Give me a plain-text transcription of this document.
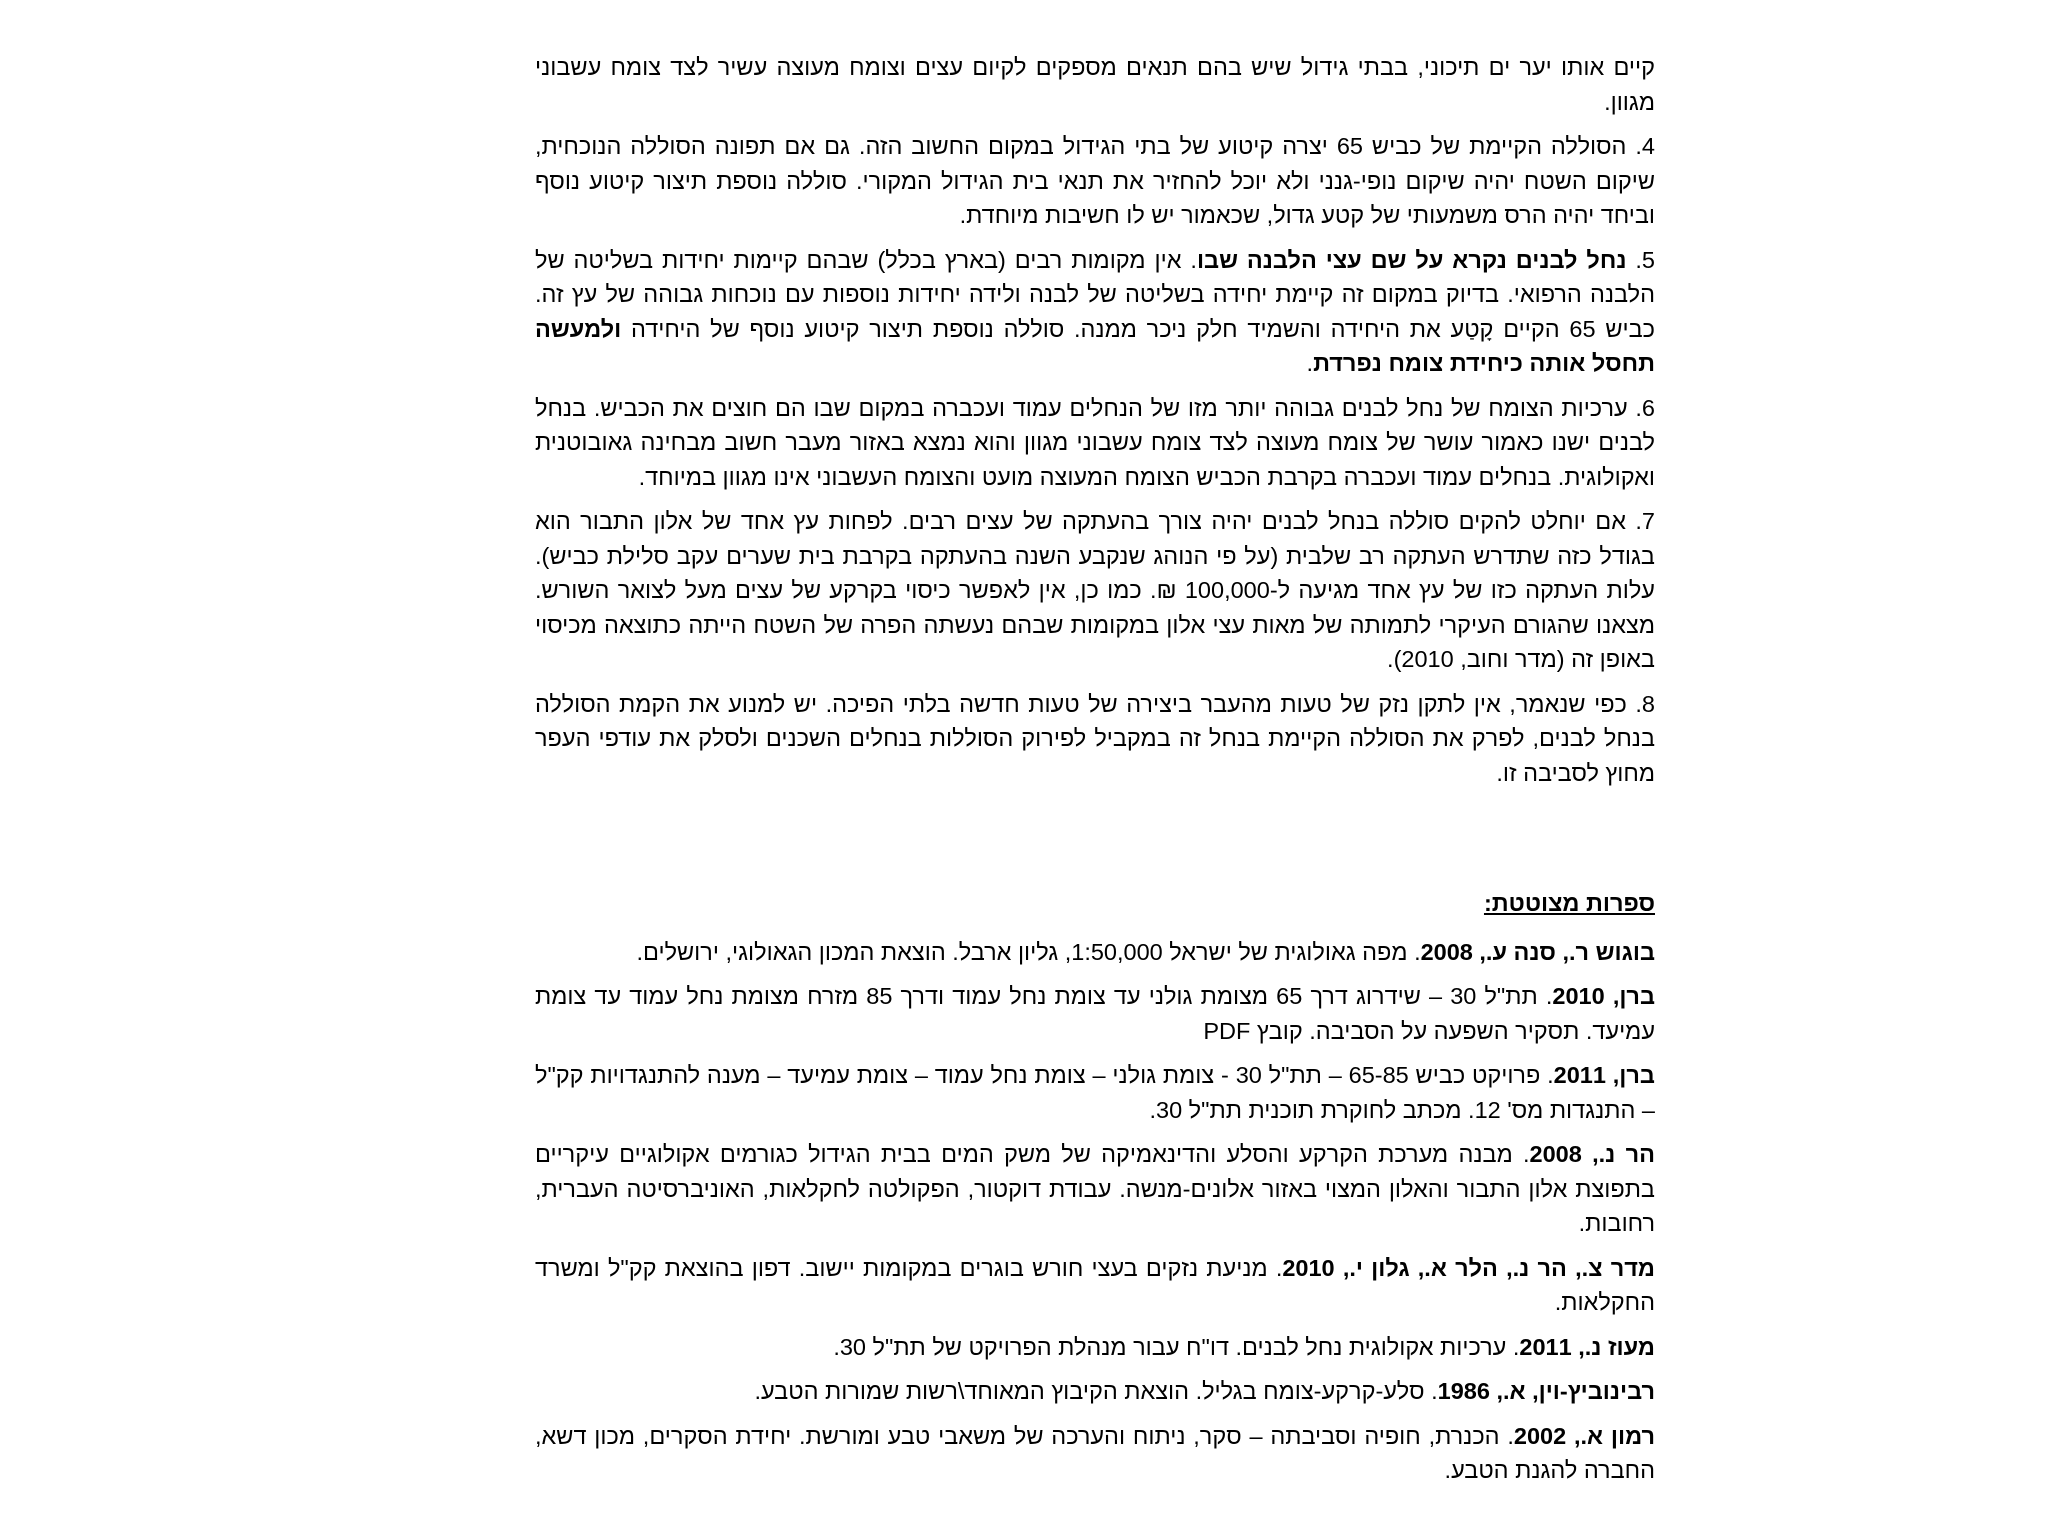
קיים אותו יער ים תיכוני, בבתי גידול שיש בהם תנאים מספקים לקיום עצים וצומח מעוצה עשיר לצד צומח עשבוני מגוון.
4. הסוללה הקיימת של כביש 65 יצרה קיטוע של בתי הגידול במקום החשוב הזה. גם אם תפונה הסוללה הנוכחית, שיקום השטח יהיה שיקום נופי-גנני ולא יוכל להחזיר את תנאי בית הגידול המקורי. סוללה נוספת תיצור קיטוע נוסף וביחד יהיה הרס משמעותי של קטע גדול, שכאמור יש לו חשיבות מיוחדת.
5. נחל לבנים נקרא על שם עצי הלבנה שבו. אין מקומות רבים (בארץ בכלל) שבהם קיימות יחידות בשליטה של הלבנה הרפואי. בדיוק במקום זה קיימת יחידה בשליטה של לבנה ולידה יחידות נוספות עם נוכחות גבוהה של עץ זה. כביש 65 הקיים קָטַע את היחידה והשמיד חלק ניכר ממנה. סוללה נוספת תיצור קיטוע נוסף של היחידה ולמעשה תחסל אותה כיחידת צומח נפרדת.
6. ערכיות הצומח של נחל לבנים גבוהה יותר מזו של הנחלים עמוד ועכברה במקום שבו הם חוצים את הכביש. בנחל לבנים ישנו כאמור עושר של צומח מעוצה לצד צומח עשבוני מגוון והוא נמצא באזור מעבר חשוב מבחינה גאובוטנית ואקולוגית. בנחלים עמוד ועכברה בקרבת הכביש הצומח המעוצה מועט והצומח העשבוני אינו מגוון במיוחד.
7. אם יוחלט להקים סוללה בנחל לבנים יהיה צורך בהעתקה של עצים רבים. לפחות עץ אחד של אלון התבור הוא בגודל כזה שתדרש העתקה רב שלבית (על פי הנוהג שנקבע השנה בהעתקה בקרבת בית שערים עקב סלילת כביש). עלות העתקה כזו של עץ אחד מגיעה ל-100,000 ₪. כמו כן, אין לאפשר כיסוי בקרקע של עצים מעל לצואר השורש. מצאנו שהגורם העיקרי לתמותה של מאות עצי אלון במקומות שבהם נעשתה הפרה של השטח הייתה כתוצאה מכיסוי באופן זה (מדר וחוב, 2010).
8. כפי שנאמר, אין לתקן נזק של טעות מהעבר ביצירה של טעות חדשה בלתי הפיכה. יש למנוע את הקמת הסוללה בנחל לבנים, לפרק את הסוללה הקיימת בנחל זה במקביל לפירוק הסוללות בנחלים השכנים ולסלק את עודפי העפר מחוץ לסביבה זו.
ספרות מצוטטת:
בוגוש ר., סנה ע., 2008. מפה גאולוגית של ישראל 1:50,000, גליון ארבל. הוצאת המכון הגאולוגי, ירושלים.
ברן, 2010. תת"ל 30 – שידרוג דרך 65 מצומת גולני עד צומת נחל עמוד ודרך 85 מזרח מצומת נחל עמוד עד צומת עמיעד. תסקיר השפעה על הסביבה. קובץ PDF
ברן, 2011. פרויקט כביש 65-85 – תת"ל 30 - צומת גולני – צומת נחל עמוד – צומת עמיעד – מענה להתנגדויות קק"ל – התנגדות מס' 12. מכתב לחוקרת תוכנית תת"ל 30.
הר נ., 2008. מבנה מערכת הקרקע והסלע והדינאמיקה של משק המים בבית הגידול כגורמים אקולוגיים עיקריים בתפוצת אלון התבור והאלון המצוי באזור אלונים-מנשה. עבודת דוקטור, הפקולטה לחקלאות, האוניברסיטה העברית, רחובות.
מדר צ., הר נ., הלר א., גלון י., 2010. מניעת נזקים בעצי חורש בוגרים במקומות יישוב. דפון בהוצאת קק"ל ומשרד החקלאות.
מעוז נ., 2011. ערכיות אקולוגית נחל לבנים. דו"ח עבור מנהלת הפרויקט של תת"ל 30.
רבינוביץ-וין, א., 1986. סלע-קרקע-צומח בגליל. הוצאת הקיבוץ המאוחד\רשות שמורות הטבע.
רמון א., 2002. הכנרת, חופיה וסביבתה – סקר, ניתוח והערכה של משאבי טבע ומורשת. יחידת הסקרים, מכון דשא, החברה להגנת הטבע.
